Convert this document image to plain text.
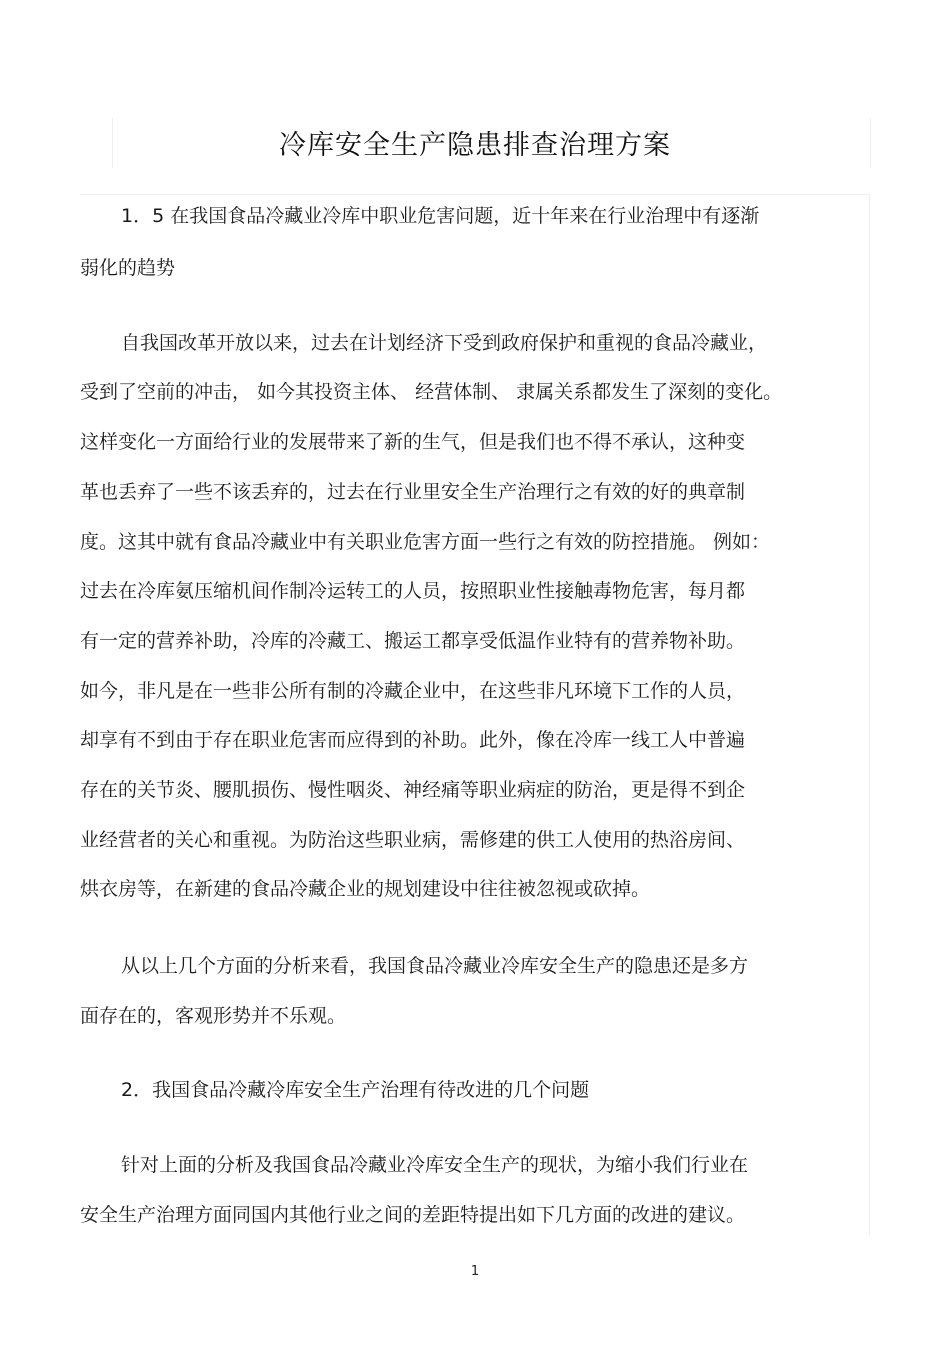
冷库安全生产隐患排查治理方案
1．5 在我国食品冷藏业冷库中职业危害问题，近十年来在行业治理中有逐渐
弱化的趋势
自我国改革开放以来，过去在计划经济下受到政府保护和重视的食品冷藏业，
受到了空前的冲击， 如今其投资主体、 经营体制、 隶属关系都发生了深刻的变化。
这样变化一方面给行业的发展带来了新的生气，但是我们也不得不承认，这种变
革也丢弃了一些不该丢弃的，过去在行业里安全生产治理行之有效的好的典章制
度。这其中就有食品冷藏业中有关职业危害方面一些行之有效的防控措施。 例如：
过去在冷库氨压缩机间作制冷运转工的人员，按照职业性接触毒物危害，每月都
有一定的营养补助，冷库的冷藏工、搬运工都享受低温作业特有的营养物补助。
如今，非凡是在一些非公所有制的冷藏企业中，在这些非凡环境下工作的人员，
却享有不到由于存在职业危害而应得到的补助。此外，像在冷库一线工人中普遍
存在的关节炎、腰肌损伤、慢性咽炎、神经痛等职业病症的防治，更是得不到企
业经营者的关心和重视。为防治这些职业病，需修建的供工人使用的热浴房间、
烘衣房等，在新建的食品冷藏企业的规划建设中往往被忽视或砍掉。
从以上几个方面的分析来看，我国食品冷藏业冷库安全生产的隐患还是多方
面存在的，客观形势并不乐观。
2．我国食品冷藏冷库安全生产治理有待改进的几个问题
针对上面的分析及我国食品冷藏业冷库安全生产的现状，为缩小我们行业在
安全生产治理方面同国内其他行业之间的差距特提出如下几方面的改进的建议。
1
